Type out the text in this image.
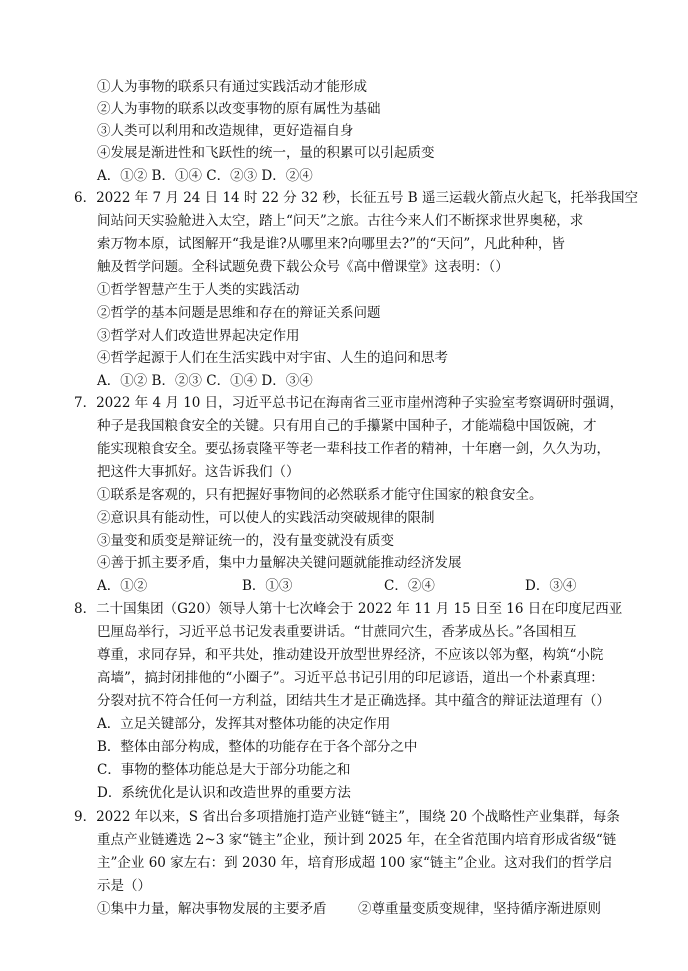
①人为事物的联系只有通过实践活动才能形成
②人为事物的联系以改变事物的原有属性为基础
③人类可以利用和改造规律，更好造福自身
④发展是渐进性和飞跃性的统一，量的积累可以引起质变
A．①② B．①④ C．②③ D．②④
6．2022 年 7 月 24 日 14 时 22 分 32 秒，长征五号 B 遥三运载火箭点火起飞，托举我国空
间站问天实验舱进入太空，踏上“问天”之旅。古往今来人们不断探求世界奥秘，求
索万物本原，试图解开“我是谁?从哪里来?向哪里去?”的“天问”，凡此种种，皆
触及哲学问题。全科试题免费下载公众号《高中僧课堂》这表明：（）
①哲学智慧产生于人类的实践活动
②哲学的基本问题是思维和存在的辩证关系问题
③哲学对人们改造世界起决定作用
④哲学起源于人们在生活实践中对宇宙、人生的追问和思考
A．①② B．②③ C．①④ D．③④
7．2022 年 4 月 10 日，习近平总书记在海南省三亚市崖州湾种子实验室考察调研时强调，
种子是我国粮食安全的关键。只有用自己的手攥紧中国种子，才能端稳中国饭碗，才
能实现粮食安全。要弘扬袁隆平等老一辈科技工作者的精神，十年磨一剑，久久为功，
把这件大事抓好。这告诉我们（）
①联系是客观的，只有把握好事物间的必然联系才能守住国家的粮食安全。
②意识具有能动性，可以使人的实践活动突破规律的限制
③量变和质变是辩证统一的，没有量变就没有质变
④善于抓主要矛盾，集中力量解决关键问题就能推动经济发展
A．①②	B．①③	C．②④	D．③④
8．二十国集团（G20）领导人第十七次峰会于 2022 年 11 月 15 日至 16 日在印度尼西亚
巴厘岛举行，习近平总书记发表重要讲话。“甘蔗同穴生，香茅成丛长。”各国相互
尊重，求同存异，和平共处，推动建设开放型世界经济，不应该以邻为壑，构筑“小院
高墙”，搞封闭排他的“小圈子”。习近平总书记引用的印尼谚语，道出一个朴素真理：
分裂对抗不符合任何一方利益，团结共生才是正确选择。其中蕴含的辩证法道理有（）
A．立足关键部分，发挥其对整体功能的决定作用
B．整体由部分构成，整体的功能存在于各个部分之中
C．事物的整体功能总是大于部分功能之和
D．系统优化是认识和改造世界的重要方法
9．2022 年以来，S 省出台多项措施打造产业链“链主”，围绕 20 个战略性产业集群，每条
重点产业链遴选 2~3 家“链主”企业，预计到 2025 年，在全省范围内培育形成省级“链
主”企业 60 家左右：到 2030 年，培育形成超 100 家“链主”企业。这对我们的哲学启
示是（）
①集中力量，解决事物发展的主要矛盾 ②尊重量变质变规律，坚持循序渐进原则
